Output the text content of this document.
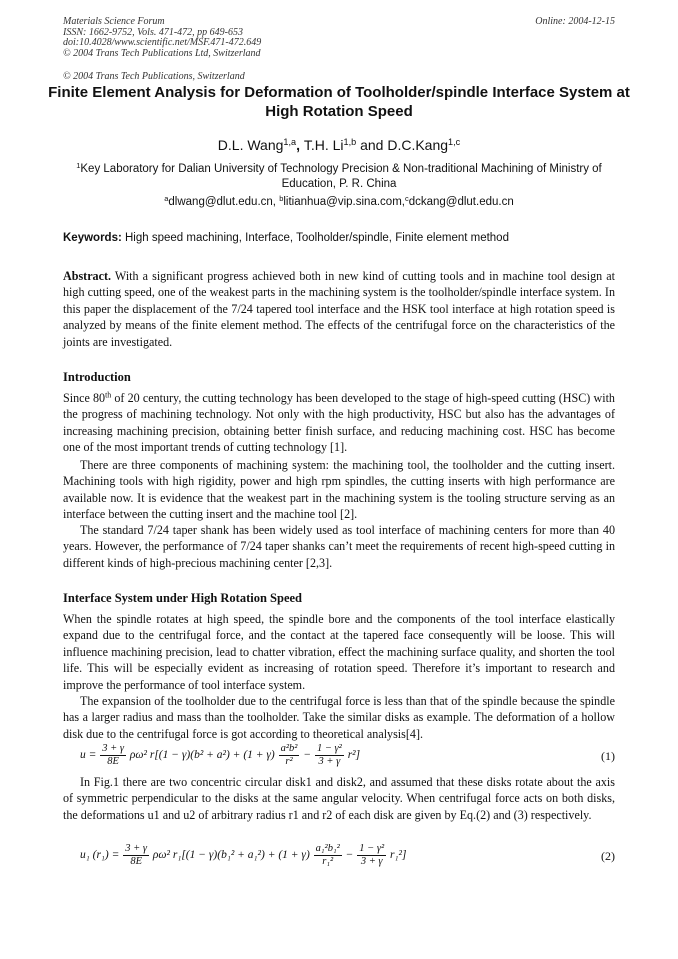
Materials Science Forum
ISSN: 1662-9752, Vols. 471-472, pp 649-653
doi:10.4028/www.scientific.net/MSF.471-472.649
© 2004 Trans Tech Publications Ltd, Switzerland
Online: 2004-12-15
© 2004 Trans Tech Publications, Switzerland
Finite Element Analysis for Deformation of Toolholder/spindle Interface System at High Rotation Speed
D.L. Wang$^{1,a}$, T.H. Li$^{1,b}$ and D.C.Kang$^{1,c}$
$^1$Key Laboratory for Dalian University of Technology Precision & Non-traditional Machining of Ministry of Education, P. R. China
$^a$dlwang@dlut.edu.cn, $^b$litianhua@vip.sina.com,$^c$dckang@dlut.edu.cn
Keywords: High speed machining, Interface, Toolholder/spindle, Finite element method
Abstract. With a significant progress achieved both in new kind of cutting tools and in machine tool design at high cutting speed, one of the weakest parts in the machining system is the toolholder/spindle interface system. In this paper the displacement of the 7/24 tapered tool interface and the HSK tool interface at high rotation speed is analyzed by means of the finite element method. The effects of the centrifugal force on the characteristics of the joints are investigated.
Introduction
Since 80th of 20 century, the cutting technology has been developed to the stage of high-speed cutting (HSC) with the progress of machining technology. Not only with the high productivity, HSC but also has the advantages of increasing machining precision, obtaining better finish surface, and reducing machining cost. HSC has become one of the most important trends of cutting technology [1].
There are three components of machining system: the machining tool, the toolholder and the cutting insert. Machining tools with high rigidity, power and high rpm spindles, the cutting inserts with high performance are available now. It is evidence that the weakest part in the machining system is the tooling structure serving as an interface between the cutting insert and the machine tool [2].
The standard 7/24 taper shank has been widely used as tool interface of machining centers for more than 40 years. However, the performance of 7/24 taper shanks can’t meet the requirements of recent high-speed cutting in different kinds of high-precious machining center [2,3].
Interface System under High Rotation Speed
When the spindle rotates at high speed, the spindle bore and the components of the tool interface elastically expand due to the centrifugal force, and the contact at the tapered face consequently will be loose. This will influence machining precision, lead to chatter vibration, effect the machining surface quality, and shorten the tool life. This will be especially evident as increasing of rotation speed. Therefore it’s important to research and improve the performance of tool interface system.
The expansion of the toolholder due to the centrifugal force is less than that of the spindle because the spindle has a larger radius and mass than the toolholder. Take the similar disks as example. The deformation of a hollow disk due to the centrifugal force is got according to theoretical analysis[4].
$u = \frac{3 + \gamma}{8E} \rho\omega^2$ $r[(1 - \gamma)(b^2 + a^2) + (1 + \gamma) \frac{\text{a²b²}}{\text{r²}} - \frac{\text{1 − γ²}}{3 + \gamma} r^2]$	(1)
In Fig.1 there are two concentric circular disk1 and disk2, and assumed that these disks rotate about the axis of symmetric perpendicular to the disks at the same angular velocity. When centrifugal force acts on both disks, the deformations u1 and u2 of arbitrary radius r1 and r2 of each disk are given by Eq.(2) and (3) respectively.
u₁ $(r_1) = \frac{3 + \gamma}{8E} \rho\omega^2$ $r_1[(1 - \gamma)(b_1^2 + a_1^2) + (1 + \gamma) \frac{\text{a₁²b₁²}}{\text{r₁²}} - \frac{\text{1 − γ²}}{3 + \gamma} r_1^2]$	(2)
